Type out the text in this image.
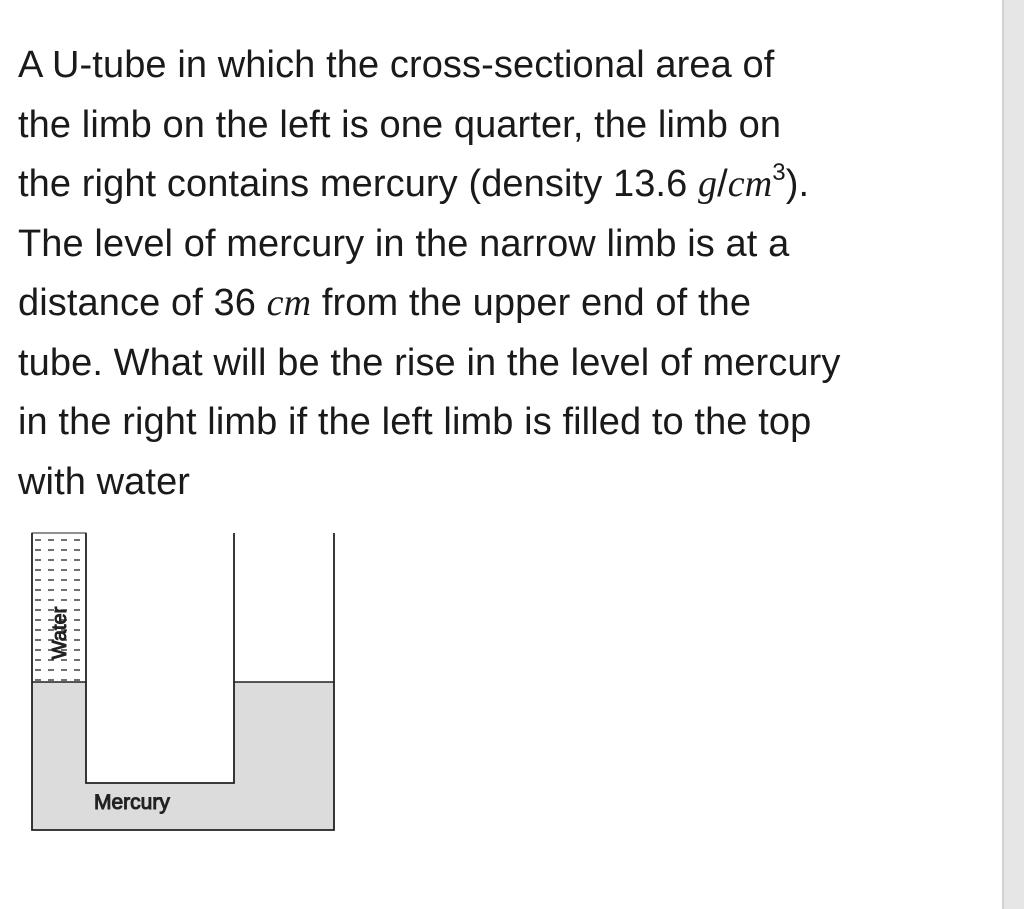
A U-tube in which the cross-sectional area of
the limb on the left is one quarter, the limb on
the right contains mercury (density 13.6 $g/cm^3$).
The level of mercury in the narrow limb is at a
distance of 36 cm from the upper end of the
tube. What will be the rise in the level of mercury
in the right limb if the left limb is filled to the top
with water

Water
Mercury
